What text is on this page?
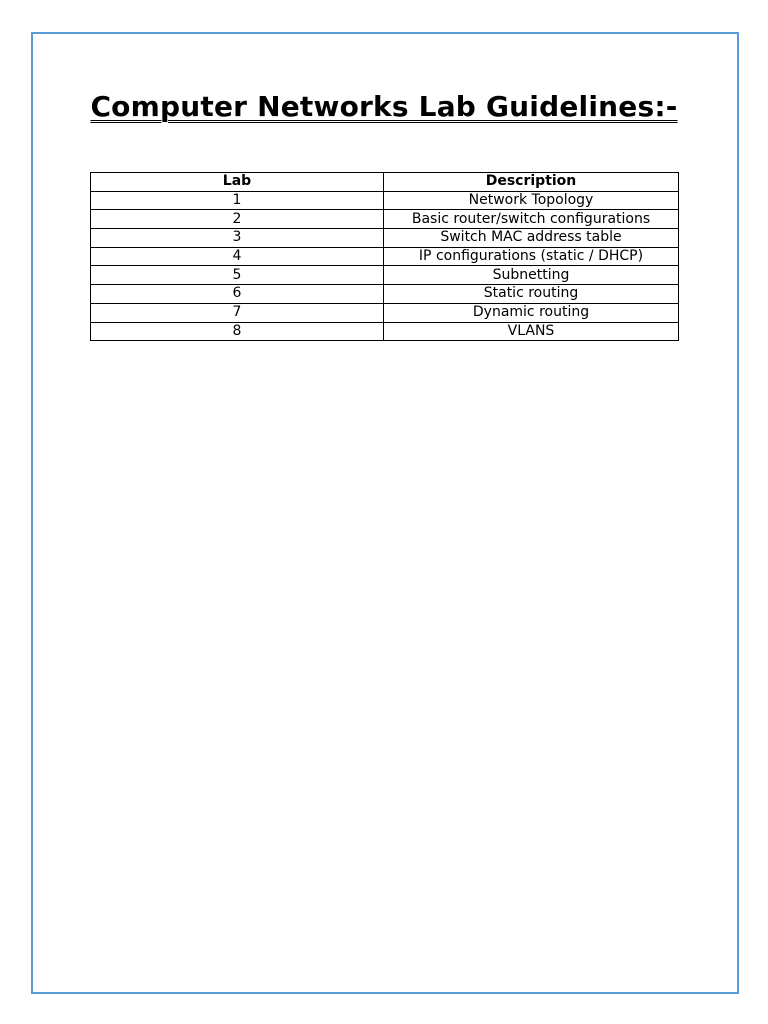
Computer Networks Lab Guidelines:-
Lab	Description
1	Network Topology
2	Basic router/switch configurations
3	Switch MAC address table
4	IP configurations (static / DHCP)
5	Subnetting
6	Static routing
7	Dynamic routing
8	VLANS
